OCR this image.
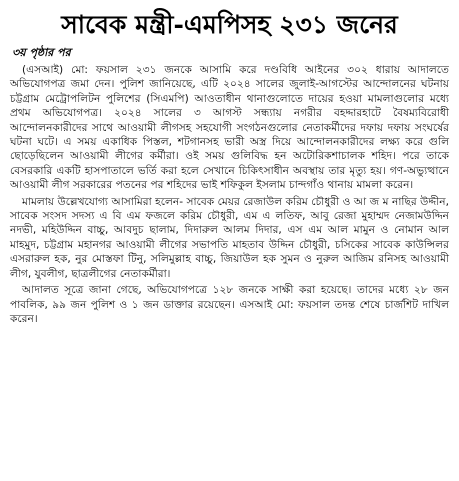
সাবেক মন্ত্রী-এমপিসহ ২৩১ জনের
৩য় পৃষ্ঠার পর

(এসআই) মো: ফয়সাল ২৩১ জনকে আসামি করে দণ্ডবিধি আইনের ৩০২ ধারায় আদালতে অভিযোগপত্র জমা দেন। পুলিশ জানিয়েছে, এটি ২০২৪ সালের জুলাই-আগস্টের আন্দোলনের ঘটনায় চট্টগ্রাম মেট্রোপলিটন পুলিশের (সিএমপি) আওতাধীন থানাগুলোতে দায়ের হওয়া মামলাগুলোর মধ্যে প্রথম অভিযোগপত্র। ২০২৪ সালের ৩ আগস্ট সন্ধ্যায় নগরীর বহদ্দারহাটে বৈষম্যবিরোধী আন্দোলনকারীদের সাথে আওয়ামী লীগসহ সহযোগী সংগঠনগুলোর নেতাকর্মীদের দফায় দফায় সংঘর্ষের ঘটনা ঘটে। এ সময় একাধিক পিস্তল, শটগানসহ ভারী অস্ত্র দিয়ে আন্দোলনকারীদের লক্ষ্য করে গুলি ছোড়েছিলেন আওয়ামী লীগের কর্মীরা। ওই সময় গুলিবিদ্ধ হন অটোরিকশাচালক শহিদ। পরে তাকে বেসরকারি একটি হাসপাতালে ভর্তি করা হলে সেখানে চিকিৎসাধীন অবস্থায় তার মৃত্যু হয়। গণ-অভ্যুত্থানে আওয়ামী লীগ সরকারের পতনের পর শহিদের ভাই শফিকুল ইসলাম চান্দগাঁও থানায় মামলা করেন।

মামলায় উল্লেখযোগ্য আসামিরা হলেন- সাবেক মেয়র রেজাউল করিম চৌধুরী ও আ জ ম নাছির উদ্দীন, সাবেক সংসদ সদস্য এ বি এম ফজলে করিম চৌধুরী, এম এ লতিফ, আবু রেজা মুহাম্মদ নেজামউদ্দিন নদভী, মহিউদ্দিন বাচ্চু, আবদুচ ছালাম, দিদারুল আলম দিদার, এস এম আল মামুন ও নোমান আল মাহমুদ, চট্টগ্রাম মহানগর আওয়ামী লীগের সভাপতি মাহতাব উদ্দিন চৌধুরী, চসিকের সাবেক কাউন্সিলর এসরারুল হক, নুর মোস্তফা টিনু, সলিমুল্লাহ বাচ্চু, জিয়াউল হক সুমন ও নুরুল আজিম রনিসহ আওয়ামী লীগ, যুবলীগ, ছাত্রলীগের নেতাকর্মীরা।

আদালত সূত্রে জানা গেছে, অভিযোগপত্রে ১২৮ জনকে সাক্ষী করা হয়েছে। তাদের মধ্যে ২৮ জন পাবলিক, ৯৯ জন পুলিশ ও ১ জন ডাক্তার রয়েছেন। এসআই মো: ফয়সাল তদন্ত শেষে চার্জশিট দাখিল করেন।
